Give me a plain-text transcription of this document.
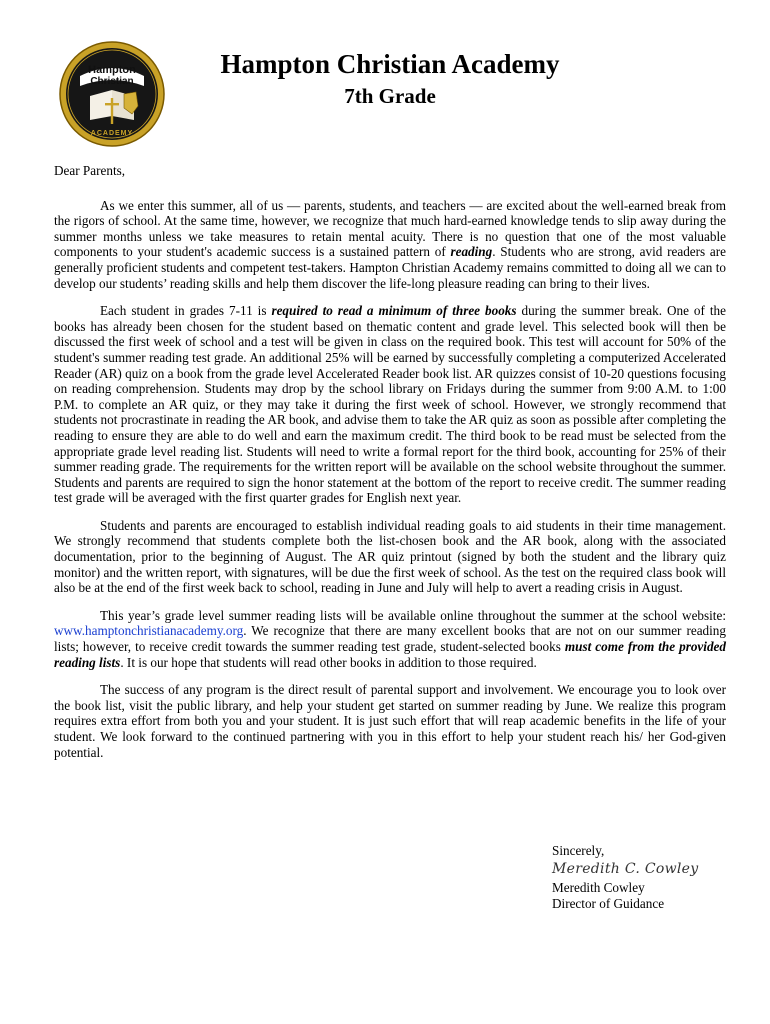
Hampton
Christian
ACADEMY
Hampton Christian Academy
7th Grade

Dear Parents,

As we enter this summer, all of us — parents, students, and teachers — are excited about the well-earned break from the rigors of school. At the same time, however, we recognize that much hard-earned knowledge tends to slip away during the summer months unless we take measures to retain mental acuity. There is no question that one of the most valuable components to your student's academic success is a sustained pattern of reading. Students who are strong, avid readers are generally proficient students and competent test-takers. Hampton Christian Academy remains committed to doing all we can to develop our students’ reading skills and help them discover the life-long pleasure reading can bring to their lives.

Each student in grades 7-11 is required to read a minimum of three books during the summer break. One of the books has already been chosen for the student based on thematic content and grade level. This selected book will then be discussed the first week of school and a test will be given in class on the required book. This test will account for 50% of the student's summer reading test grade. An additional 25% will be earned by successfully completing a computerized Accelerated Reader (AR) quiz on a book from the grade level Accelerated Reader book list. AR quizzes consist of 10-20 questions focusing on reading comprehension. Students may drop by the school library on Fridays during the summer from 9:00 A.M. to 1:00 P.M. to complete an AR quiz, or they may take it during the first week of school. However, we strongly recommend that students not procrastinate in reading the AR book, and advise them to take the AR quiz as soon as possible after completing the reading to ensure they are able to do well and earn the maximum credit. The third book to be read must be selected from the appropriate grade level reading list. Students will need to write a formal report for the third book, accounting for 25% of their summer reading grade. The requirements for the written report will be available on the school website throughout the summer. Students and parents are required to sign the honor statement at the bottom of the report to receive credit. The summer reading test grade will be averaged with the first quarter grades for English next year.

Students and parents are encouraged to establish individual reading goals to aid students in their time management. We strongly recommend that students complete both the list-chosen book and the AR book, along with the associated documentation, prior to the beginning of August. The AR quiz printout (signed by both the student and the library quiz monitor) and the written report, with signatures, will be due the first week of school. As the test on the required class book will also be at the end of the first week back to school, reading in June and July will help to avert a reading crisis in August.

This year’s grade level summer reading lists will be available online throughout the summer at the school website: www.hamptonchristianacademy.org. We recognize that there are many excellent books that are not on our summer reading lists; however, to receive credit towards the summer reading test grade, student-selected books must come from the provided reading lists. It is our hope that students will read other books in addition to those required.

The success of any program is the direct result of parental support and involvement. We encourage you to look over the book list, visit the public library, and help your student get started on summer reading by June. We realize this program requires extra effort from both you and your student. It is just such effort that will reap academic benefits in the life of your student. We look forward to the continued partnering with you in this effort to help your student reach his/ her God-given potential.

Sincerely,
Meredith C. Cowley
Meredith Cowley
Director of Guidance
